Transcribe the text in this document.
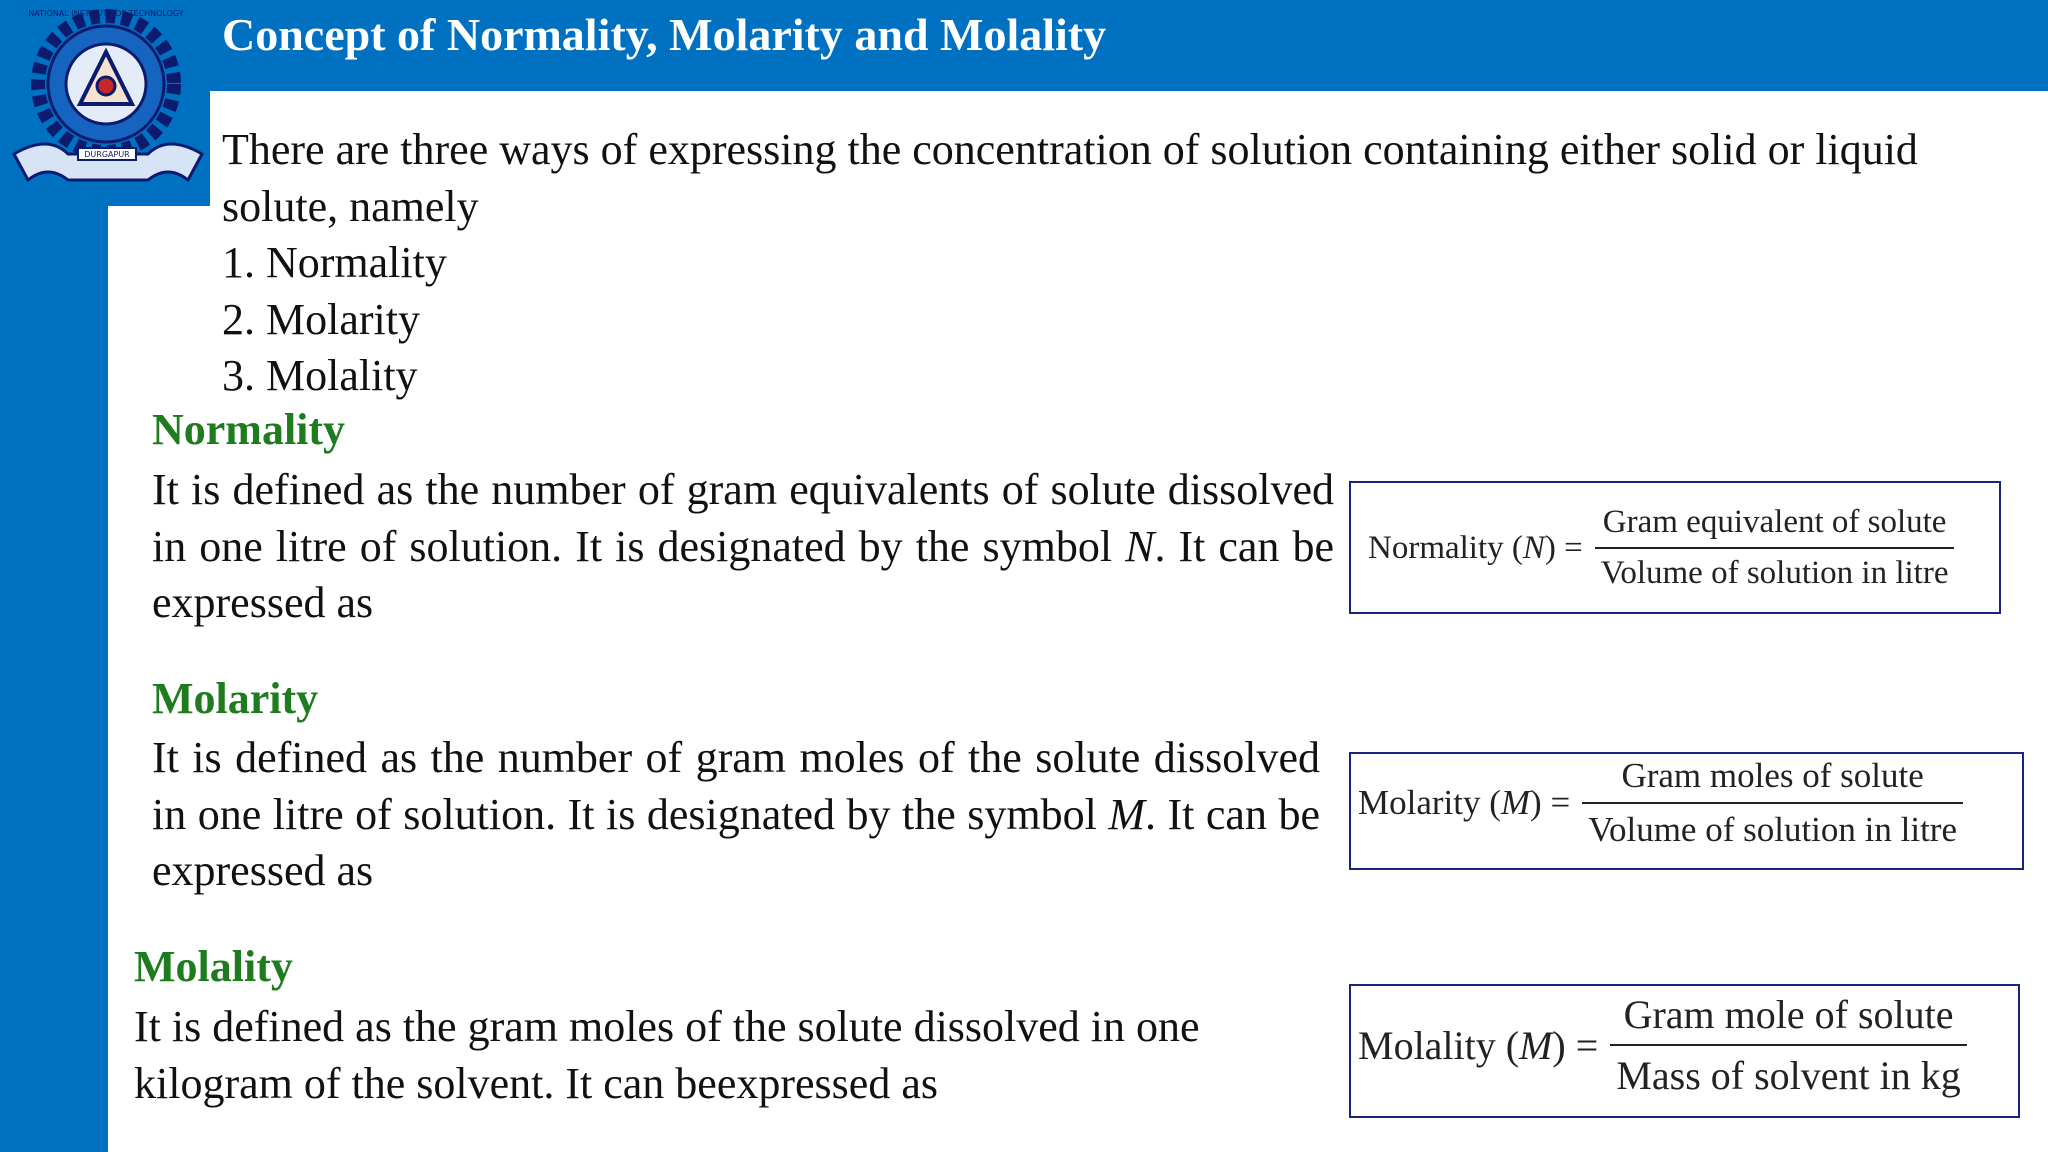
DURGAPUR
NATIONAL INSTITUTE OF TECHNOLOGY Concept of Normality, Molarity and Molality
There are three ways of expressing the concentration of solution containing either solid or liquid solute, namely
1. Normality
2. Molarity
3. Molality
Normality
It is defined as the number of gram equivalents of solute dissolved in one litre of solution. It is designated by the symbol N. It can be expressed as
Normality $(N) = \frac{\text{Gram equivalent of solute}}{\text{Volume of solution in litre}}$
Molarity
It is defined as the number of gram moles of the solute dissolved in one litre of solution. It is designated by the symbol M. It can be expressed as
Molarity $(M) = \frac{\text{Gram moles of solute}}{\text{Volume of solution in litre}}$
Molality
It is defined as the gram moles of the solute dissolved in one kilogram of the solvent. It can beexpressed as
Molality $(M) = \frac{\text{Gram mole of solute}}{\text{Mass of solvent in kg}}$
